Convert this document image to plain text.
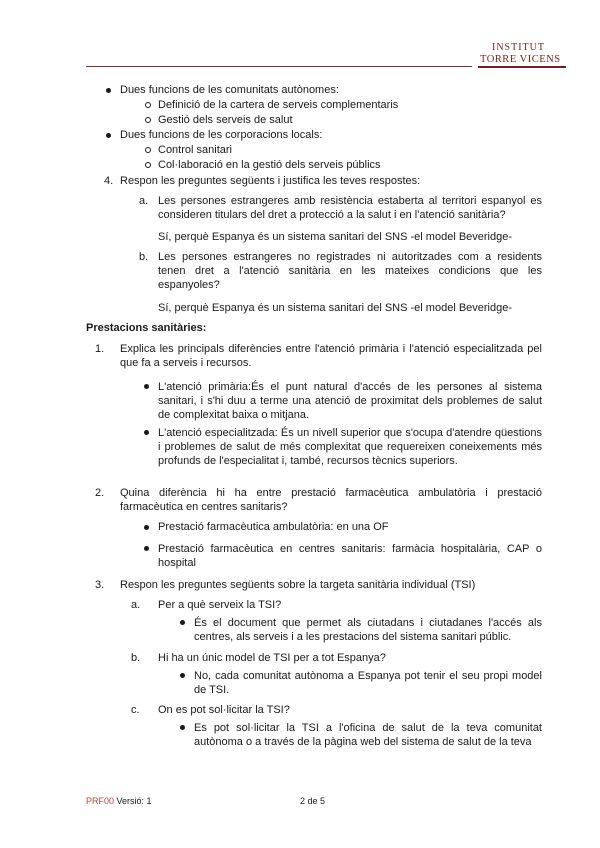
INSTITUT
TORRE VICENS
Dues funcions de les comunitats autònomes:
Definició de la cartera de serveis complementaris
Gestió dels serveis de salut
Dues funcions de les corporacions locals:
Control sanitari
Col·laboració en la gestió dels serveis públics
4. Respon les preguntes següents i justifica les teves respostes:
a. Les persones estrangeres amb resistència estaberta al territori espanyol es consideren titulars del dret a protecció a la salut i en l'atenció sanitària?
Sí, perquè Espanya és un sistema sanitari del SNS -el model Beveridge-
b. Les persones estrangeres no registrades ni autoritzades com a residents tenen dret a l'atenció sanitària en les mateixes condicions que les espanyoles?
Sí, perquè Espanya és un sistema sanitari del SNS -el model Beveridge-
Prestacions sanitàries:
1. Explica les principals diferències entre l'atenció primària i l'atenció especialitzada pel que fa a serveis i recursos.
L'atenció primària:És el punt natural d'accés de les persones al sistema sanitari, i s'hi duu a terme una atenció de proximitat dels problemes de salut de complexitat baixa o mitjana.
L'atenció especialitzada: És un nivell superior que s'ocupa d'atendre qüestions i problemes de salut de més complexitat que requereixen coneixements més profunds de l'especialitat i, també, recursos tècnics superiors.
2. Quina diferència hi ha entre prestació farmacèutica ambulatòria i prestació farmacèutica en centres sanitaris?
Prestació farmacèutica ambulatòria: en una OF
Prestació farmacèutica en centres sanitaris: farmàcia hospitalària, CAP o hospital
3. Respon les preguntes següents sobre la targeta sanitària individual (TSI)
a. Per a què serveix la TSI?
És el document que permet als ciutadans i ciutadanes l'accés als centres, als serveis i a les prestacions del sistema sanitari públic.
b. Hi ha un únic model de TSI per a tot Espanya?
No, cada comunitat autònoma a Espanya pot tenir el seu propi model de TSI.
c. On es pot sol·licitar la TSI?
Es pot sol·licitar la TSI a l'oficina de salut de la teva comunitat autònoma o a través de la pàgina web del sistema de salut de la teva
PRF00 Versió: 1	2 de 5
